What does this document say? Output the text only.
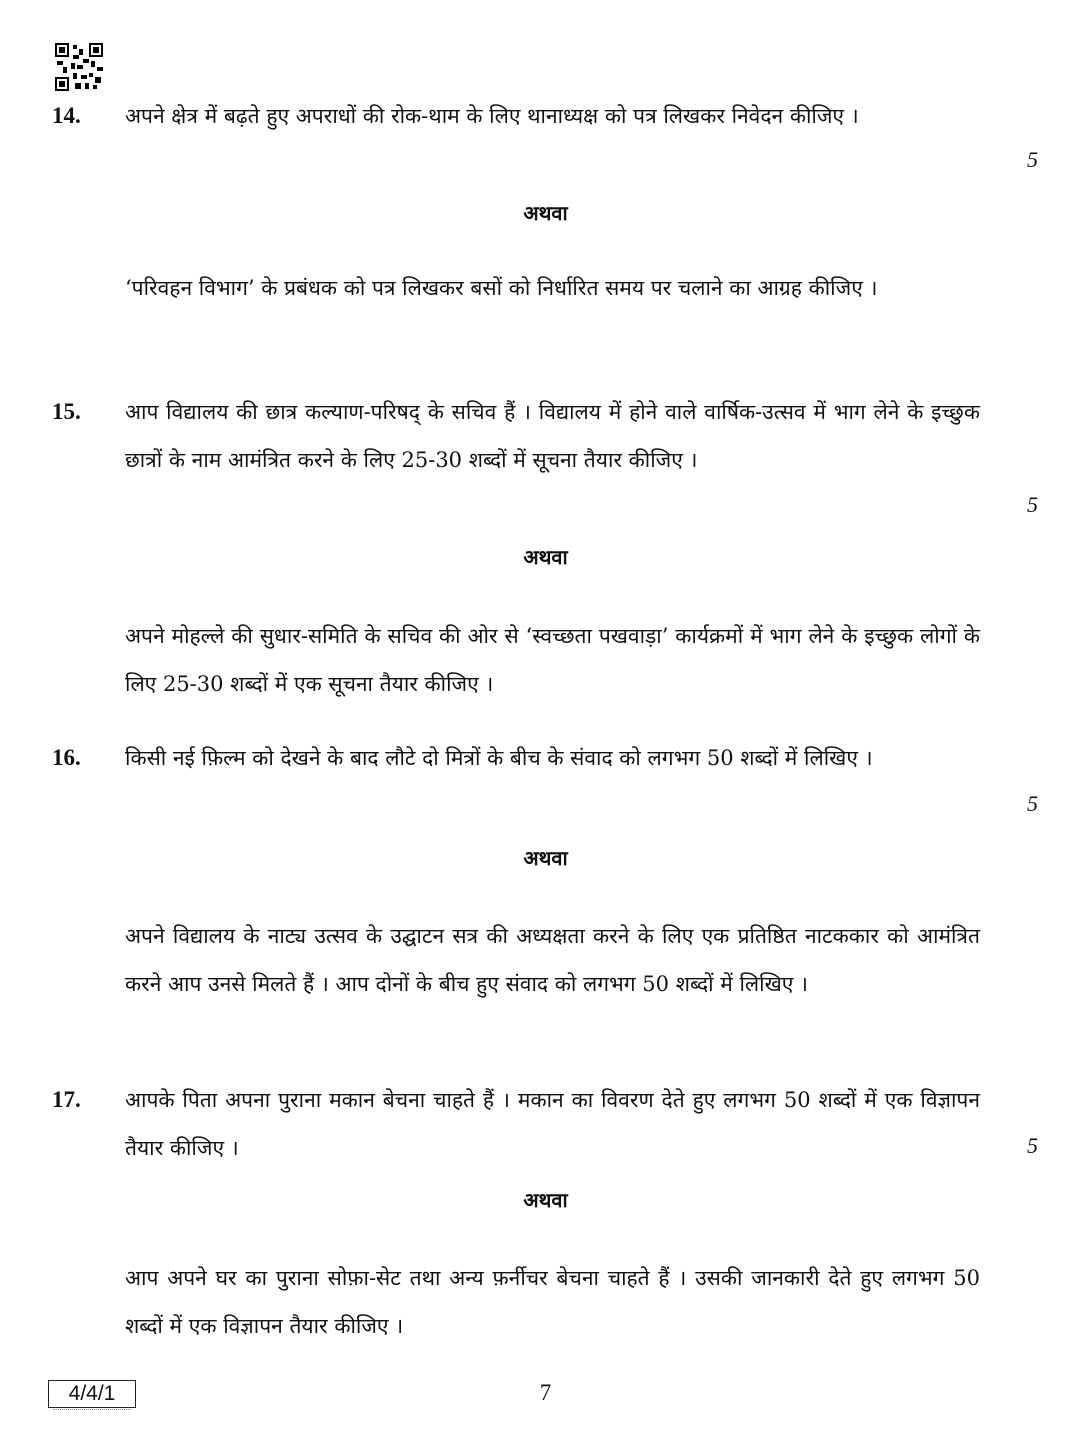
14. अपने क्षेत्र में बढ़ते हुए अपराधों की रोक-थाम के लिए थानाध्यक्ष को पत्र लिखकर निवेदन कीजिए ।
5
अथवा
‘परिवहन विभाग’ के प्रबंधक को पत्र लिखकर बसों को निर्धारित समय पर चलाने का आग्रह कीजिए ।
15. आप विद्यालय की छात्र कल्याण-परिषद् के सचिव हैं । विद्यालय में होने वाले वार्षिक-उत्सव में भाग लेने के इच्छुक छात्रों के नाम आमंत्रित करने के लिए 25-30 शब्दों में सूचना तैयार कीजिए ।
5
अथवा
अपने मोहल्ले की सुधार-समिति के सचिव की ओर से ‘स्वच्छता पखवाड़ा’ कार्यक्रमों में भाग लेने के इच्छुक लोगों के लिए 25-30 शब्दों में एक सूचना तैयार कीजिए ।
16. किसी नई फ़िल्म को देखने के बाद लौटे दो मित्रों के बीच के संवाद को लगभग 50 शब्दों में लिखिए ।
5
अथवा
अपने विद्यालय के नाट्य उत्सव के उद्घाटन सत्र की अध्यक्षता करने के लिए एक प्रतिष्ठित नाटककार को आमंत्रित करने आप उनसे मिलते हैं । आप दोनों के बीच हुए संवाद को लगभग 50 शब्दों में लिखिए ।
17. आपके पिता अपना पुराना मकान बेचना चाहते हैं । मकान का विवरण देते हुए लगभग 50 शब्दों में एक विज्ञापन तैयार कीजिए ।	5
अथवा
आप अपने घर का पुराना सोफ़ा-सेट तथा अन्य फ़र्नीचर बेचना चाहते हैं । उसकी जानकारी देते हुए लगभग 50 शब्दों में एक विज्ञापन तैयार कीजिए ।
4/4/1	7
